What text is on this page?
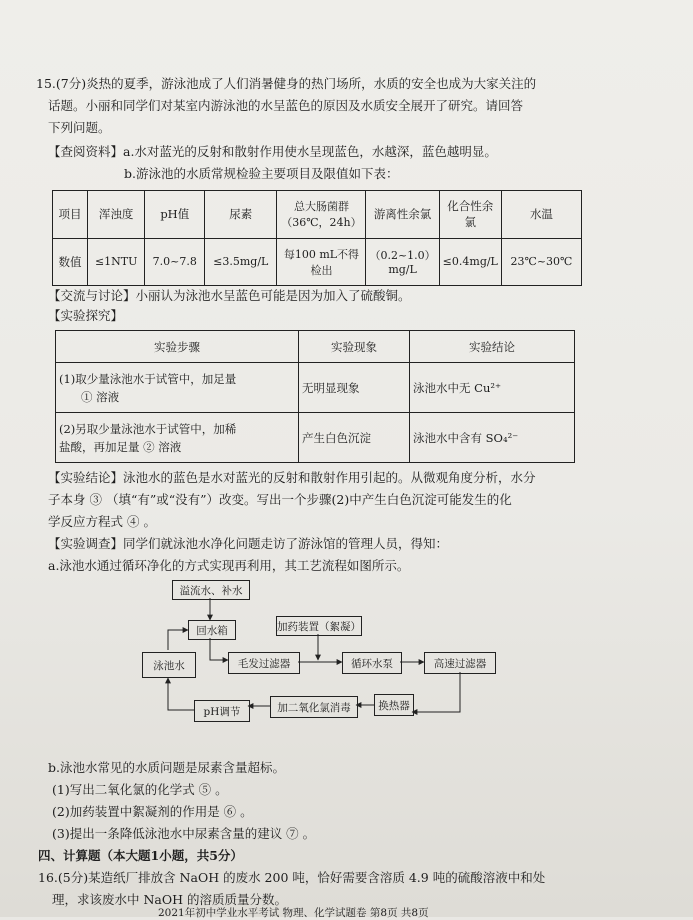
15.(7分)炎热的夏季，游泳池成了人们消暑健身的热门场所，水质的安全也成为大家关注的
话题。小丽和同学们对某室内游泳池的水呈蓝色的原因及水质安全展开了研究。请回答
下列问题。
【查阅资料】a.水对蓝光的反射和散射作用使水呈现蓝色，水越深，蓝色越明显。
b.游泳池的水质常规检验主要项目及限值如下表：
项目	浑浊度	pH值	尿素	总大肠菌群（36℃，24h）	游离性余氯	化合性余氯	水温
数值	≤1NTU	7.0~7.8	≤3.5mg/L	每100 mL不得检出	（0.2~1.0）mg/L	≤0.4mg/L	23℃~30℃
【交流与讨论】小丽认为泳池水呈蓝色可能是因为加入了硫酸铜。
【实验探究】
实验步骤	实验现象	实验结论

(1)取少量泳池水于试管中，加足量
① 溶液	无明显现象	泳池水中无 Cu²⁺

(2)另取少量泳池水于试管中，加稀
盐酸，再加足量 ② 溶液	产生白色沉淀	泳池水中含有 SO₄²⁻
【实验结论】泳池水的蓝色是水对蓝光的反射和散射作用引起的。从微观角度分析，水分
子本身 ③ （填“有”或“没有”）改变。写出一个步骤(2)中产生白色沉淀可能发生的化
学反应方程式 ④ 。
【实验调查】同学们就泳池水净化问题走访了游泳馆的管理人员，得知：
a.泳池水通过循环净化的方式实现再利用，其工艺流程如图所示。
溢流水、补水
回水箱	加药装置（絮凝）
泳池水	毛发过滤器	循环水泵	高速过滤器
pH调节	加二氧化氯消毒	换热器
b.泳池水常见的水质问题是尿素含量超标。
(1)写出二氧化氯的化学式 ⑤ 。
(2)加药装置中絮凝剂的作用是 ⑥ 。
(3)提出一条降低泳池水中尿素含量的建议 ⑦ 。
四、计算题（本大题1小题，共5分）
16.(5分)某造纸厂排放含 NaOH 的废水 200 吨，恰好需要含溶质 4.9 吨的硫酸溶液中和处
理，求该废水中 NaOH 的溶质质量分数。
2021年初中学业水平考试 物理、化学试题卷 第8页 共8页
